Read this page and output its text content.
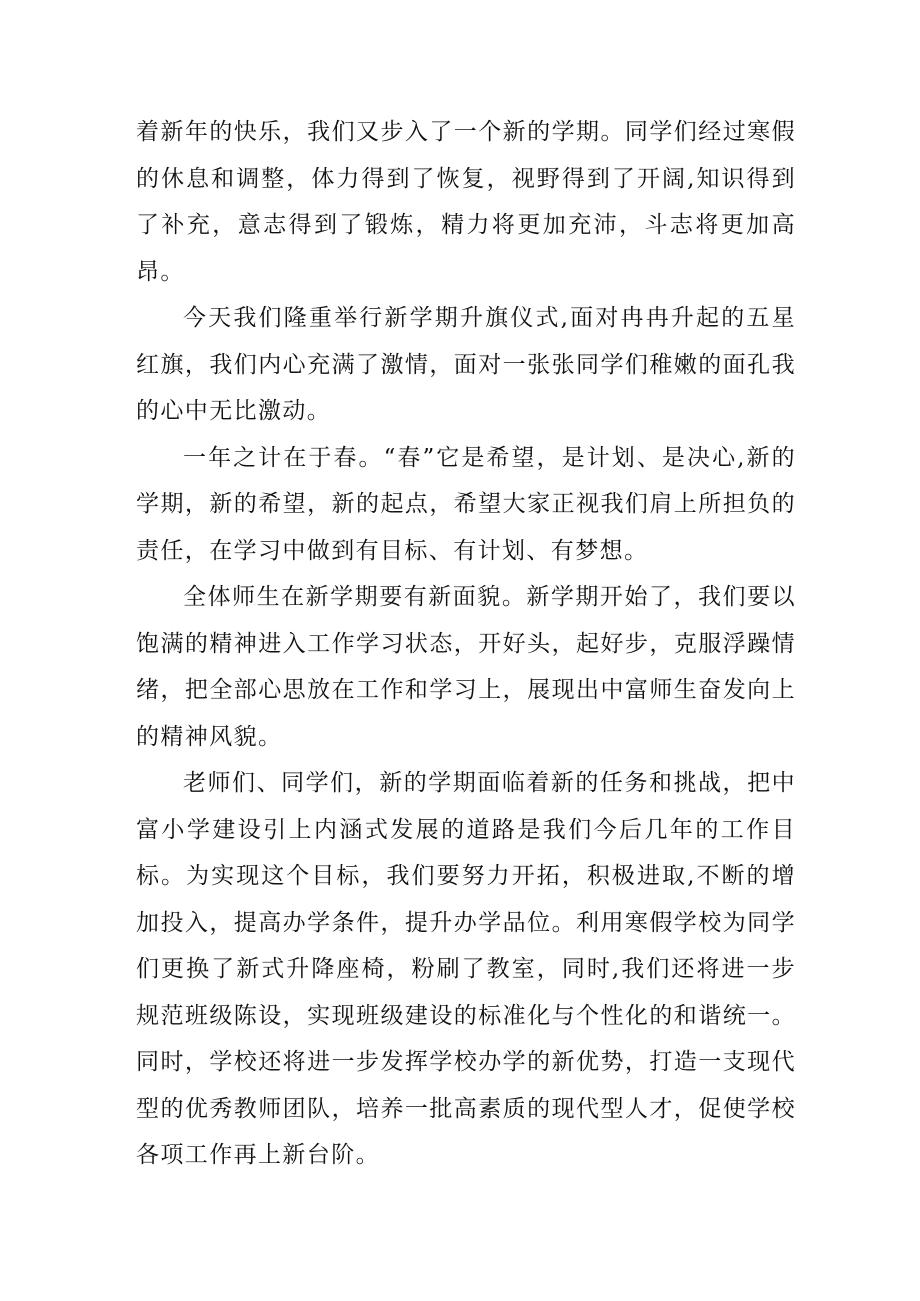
着新年的快乐，我们又步入了一个新的学期。同学们经过寒假的休息和调整，体力得到了恢复，视野得到了开阔,知识得到了补充，意志得到了锻炼，精力将更加充沛，斗志将更加高昂。

今天我们隆重举行新学期升旗仪式,面对冉冉升起的五星红旗，我们内心充满了激情，面对一张张同学们稚嫩的面孔我的心中无比激动。

一年之计在于春。“春”它是希望，是计划、是决心,新的学期，新的希望，新的起点，希望大家正视我们肩上所担负的责任，在学习中做到有目标、有计划、有梦想。

全体师生在新学期要有新面貌。新学期开始了，我们要以饱满的精神进入工作学习状态，开好头，起好步，克服浮躁情绪，把全部心思放在工作和学习上，展现出中富师生奋发向上的精神风貌。

老师们、同学们，新的学期面临着新的任务和挑战，把中富小学建设引上内涵式发展的道路是我们今后几年的工作目标。为实现这个目标，我们要努力开拓，积极进取,不断的增加投入，提高办学条件，提升办学品位。利用寒假学校为同学们更换了新式升降座椅，粉刷了教室，同时,我们还将进一步规范班级陈设，实现班级建设的标准化与个性化的和谐统一。同时，学校还将进一步发挥学校办学的新优势，打造一支现代型的优秀教师团队，培养一批高素质的现代型人才，促使学校各项工作再上新台阶。
